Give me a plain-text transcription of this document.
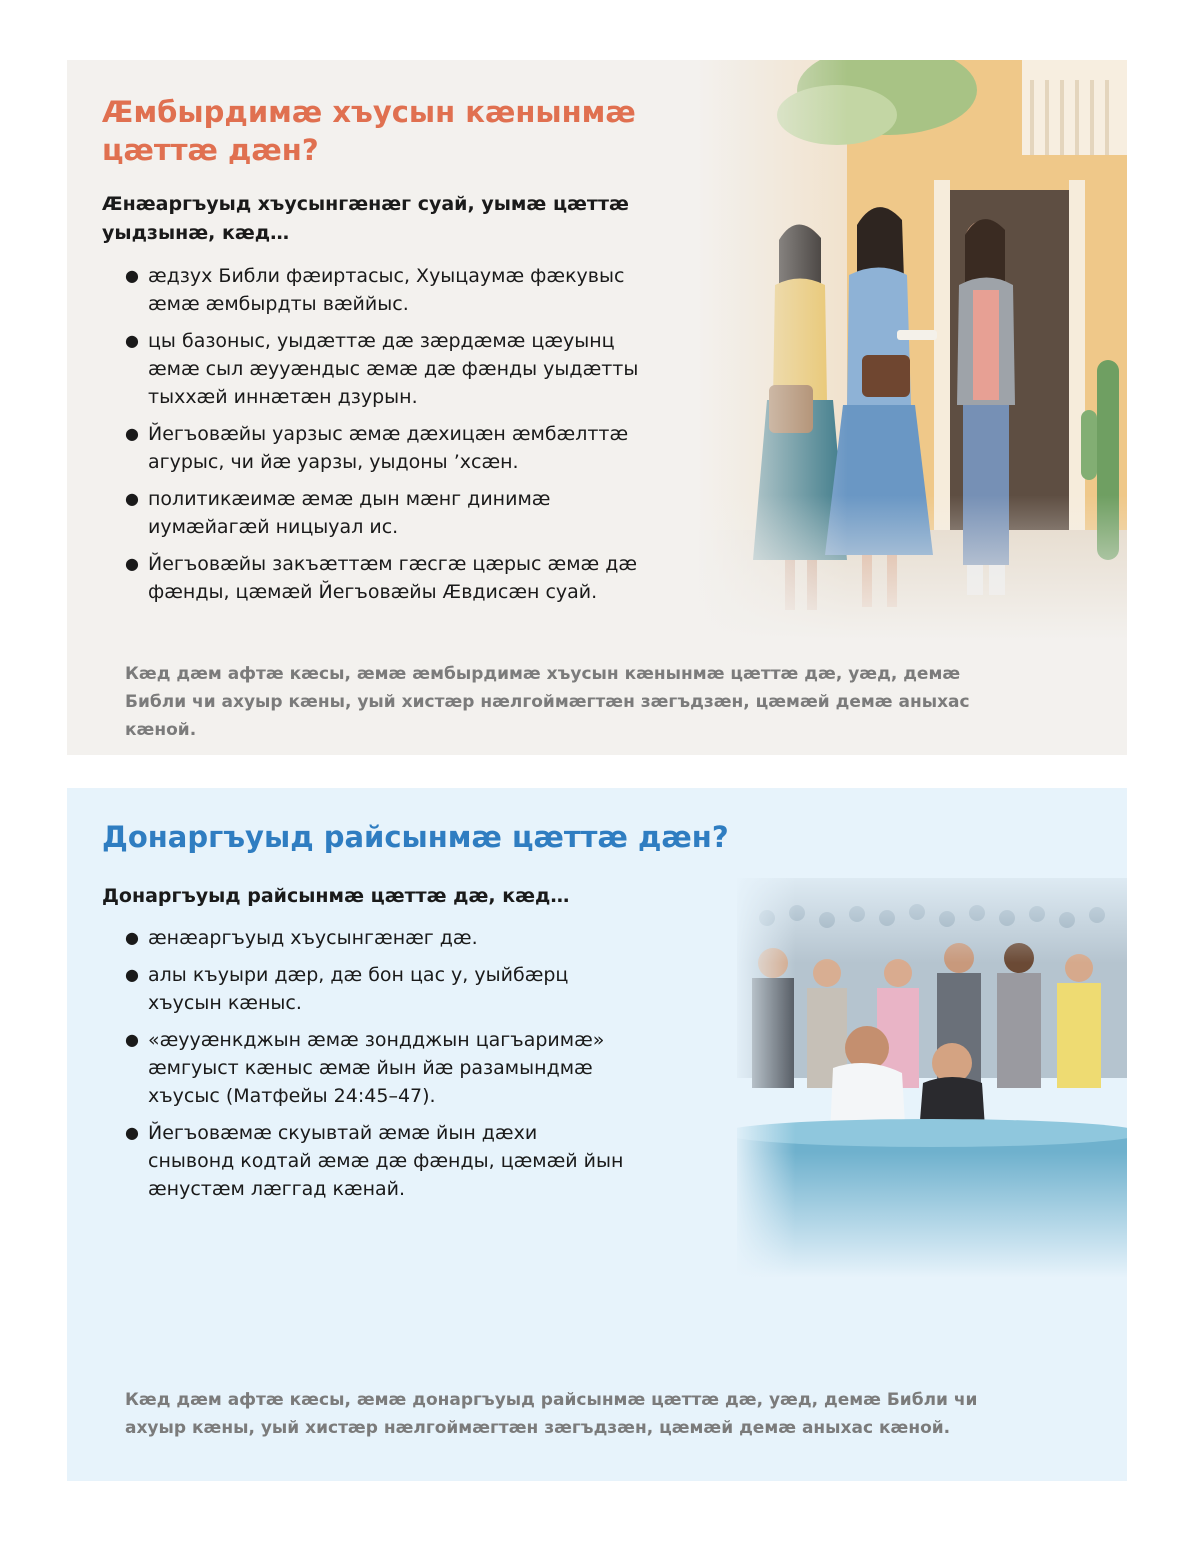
Æмбырдимæ хъусын кæнынмæ цæттæ дæн?

Æнæаргъуыд хъусынгæнæг суай, уымæ цæттæ уыдзынæ, кæд…

● æдзух Библи фæиртасыс, Хуыцаумæ фæкувыс æмæ æмбырдты вæййыс.
● цы базоныс, уыдæттæ дæ зæрдæмæ цæуынц æмæ сыл æууæндыс æмæ дæ фæнды уыдæтты тыххæй иннæтæн дзурын.
● Йегъовæйы уарзыс æмæ дæхицæн æмбæлттæ агурыс, чи йæ уарзы, уыдоны ’хсæн.
● политикæимæ æмæ дын мæнг динимæ иумæйагæй ницыуал ис.
● Йегъовæйы закъæттæм гæсгæ цæрыс æмæ дæ фæнды, цæмæй Йегъовæйы Æвдисæн суай.

Кæд дæм афтæ кæсы, æмæ æмбырдимæ хъусын кæнынмæ цæттæ дæ, уæд, демæ Библи чи ахуыр кæны, уый хистæр нæлгоймæгтæн зæгъдзæн, цæмæй демæ аныхас кæной.

Донаргъуыд райсынмæ цæттæ дæн?

Донаргъуыд райсынмæ цæттæ дæ, кæд…

● æнæаргъуыд хъусынгæнæг дæ.
● алы къуыри дæр, дæ бон цас у, уыйбæрц хъусын кæныс.
● «æууæнкджын æмæ зондджын цагъаримæ» æмгуыст кæныс æмæ йын йæ разамындмæ хъусыс (Матфейы 24:45–47).
● Йегъовæмæ скуывтай æмæ йын дæхи снывонд кодтай æмæ дæ фæнды, цæмæй йын æнустæм лæггад кæнай.

Кæд дæм афтæ кæсы, æмæ донаргъуыд райсынмæ цæттæ дæ, уæд, демæ Библи чи ахуыр кæны, уый хистæр нæлгоймæгтæн зæгъдзæн, цæмæй демæ аныхас кæной.
